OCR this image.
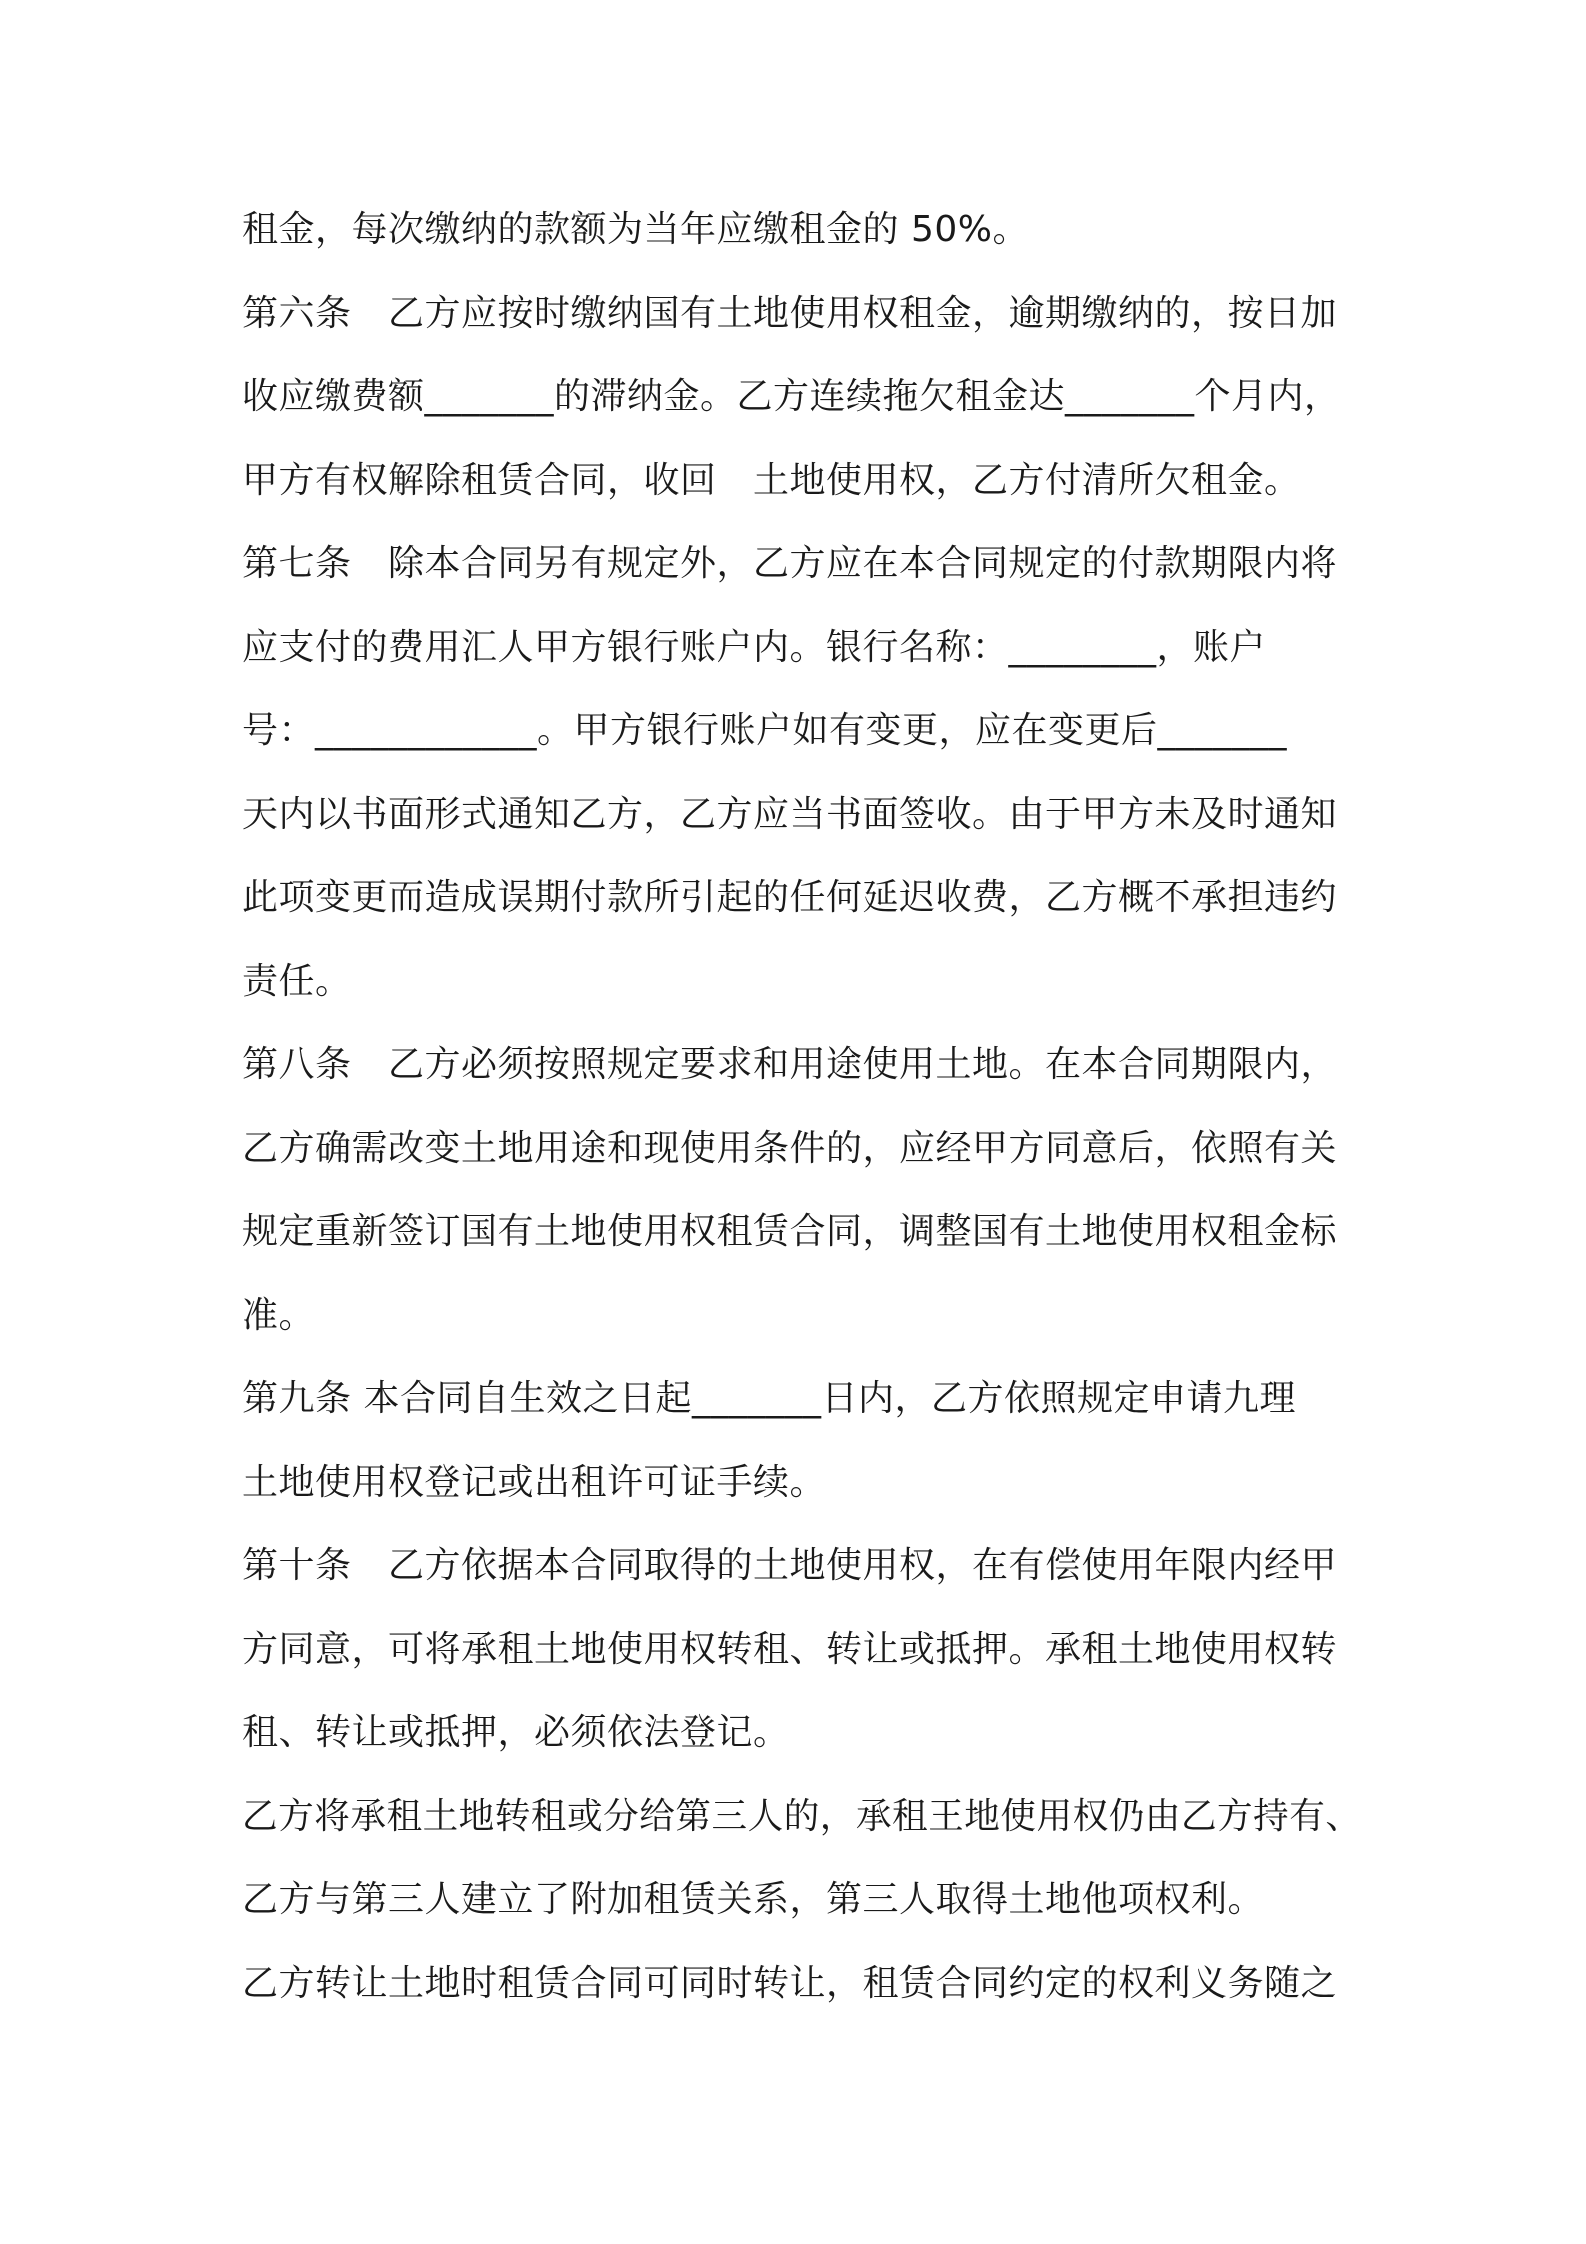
租金，每次缴纳的款额为当年应缴租金的 50%。
第六条　乙方应按时缴纳国有土地使用权租金，逾期缴纳的，按日加
收应缴费额_______的滞纳金。乙方连续拖欠租金达_______个月内，
甲方有权解除租赁合同，收回　土地使用权，乙方付清所欠租金。
第七条　除本合同另有规定外，乙方应在本合同规定的付款期限内将
应支付的费用汇人甲方银行账户内。银行名称：________，账户
号：____________。甲方银行账户如有变更，应在变更后_______
天内以书面形式通知乙方，乙方应当书面签收。由于甲方未及时通知
此项变更而造成误期付款所引起的任何延迟收费，乙方概不承担违约
责任。
第八条　乙方必须按照规定要求和用途使用土地。在本合同期限内，
乙方确需改变土地用途和现使用条件的，应经甲方同意后，依照有关
规定重新签订国有土地使用权租赁合同，调整国有土地使用权租金标
准。
第九条 本合同自生效之日起_______日内，乙方依照规定申请九理
土地使用权登记或出租许可证手续。
第十条　乙方依据本合同取得的土地使用权，在有偿使用年限内经甲
方同意，可将承租土地使用权转租、转让或抵押。承租土地使用权转
租、转让或抵押，必须依法登记。
乙方将承租土地转租或分给第三人的，承租王地使用权仍由乙方持有、
乙方与第三人建立了附加租赁关系，第三人取得土地他项权利。
乙方转让土地时租赁合同可同时转让，租赁合同约定的权利义务随之
